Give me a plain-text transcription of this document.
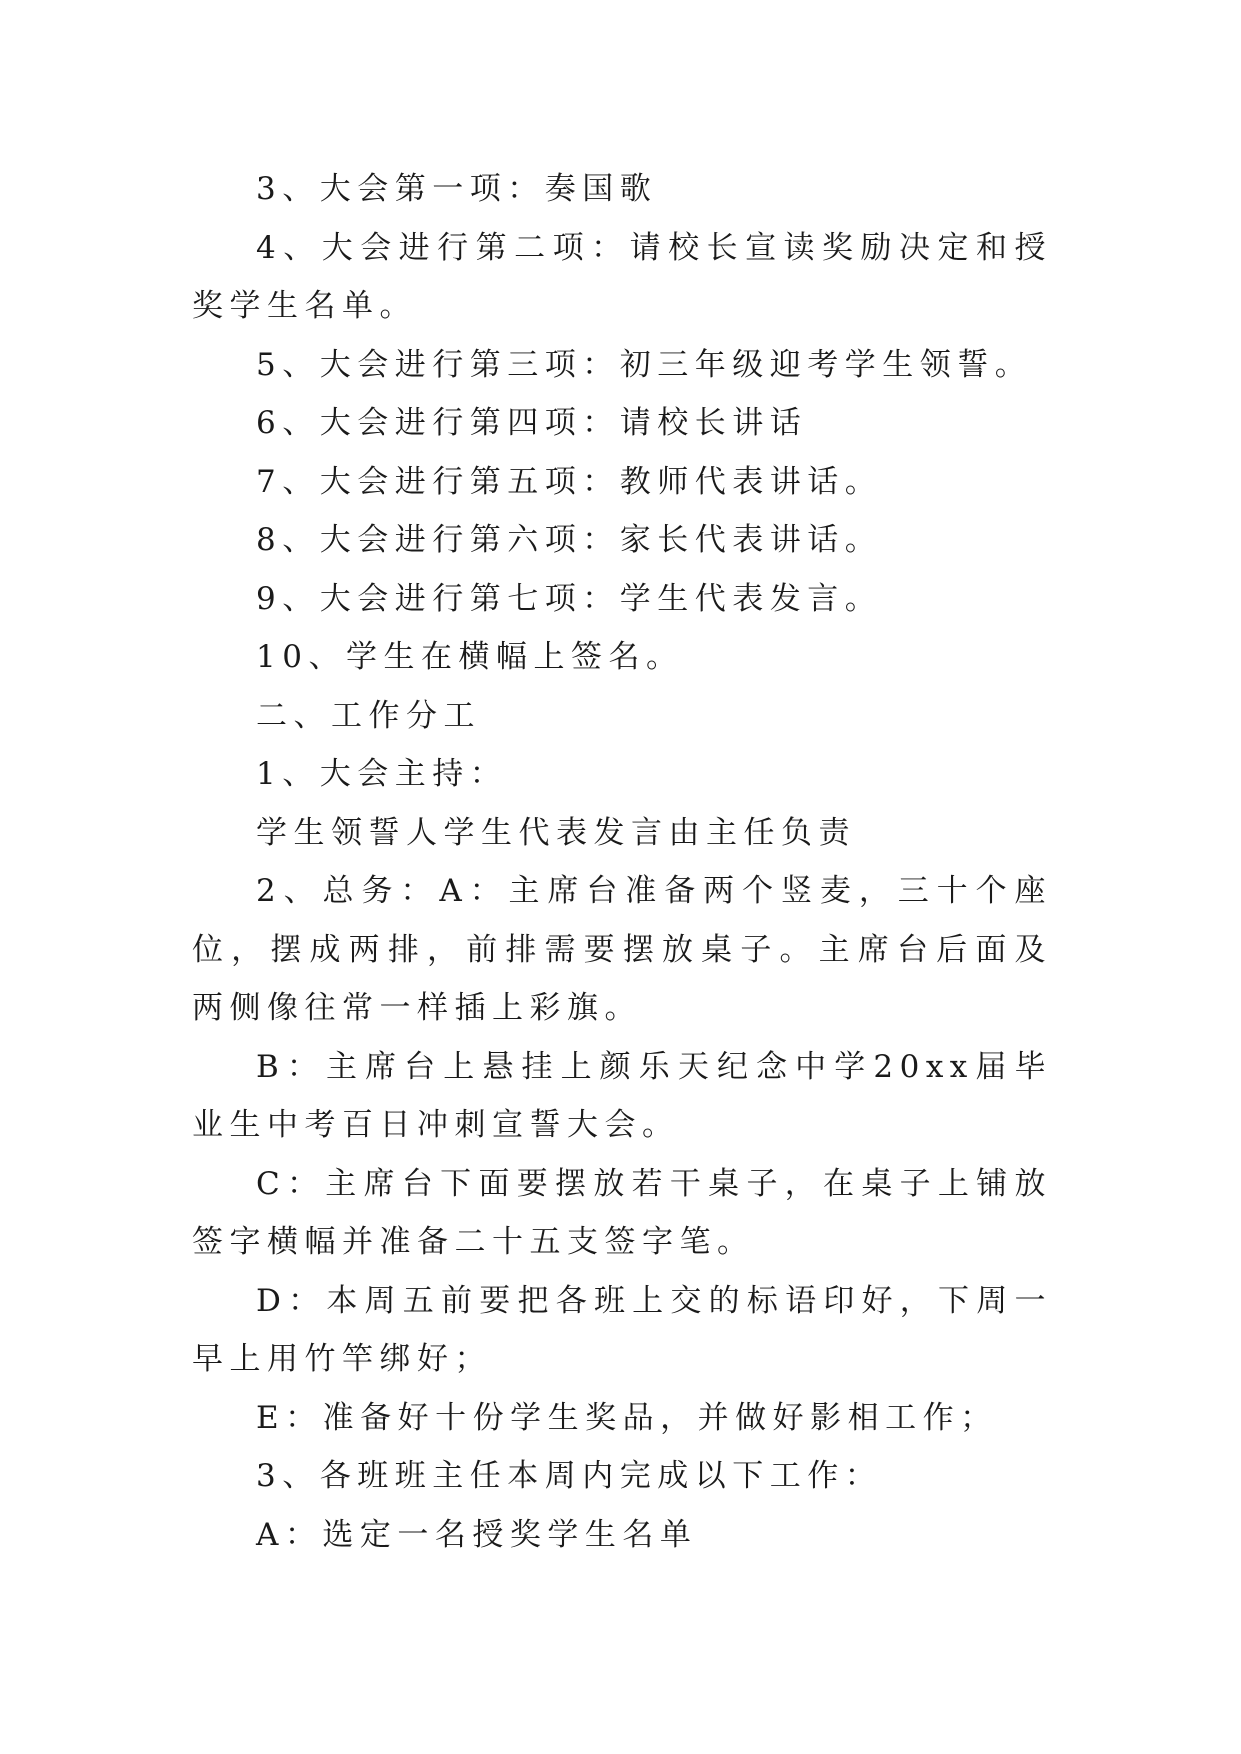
3、大会第一项：奏国歌

4、大会进行第二项：请校长宣读奖励决定和授奖学生名单。

5、大会进行第三项：初三年级迎考学生领誓。

6、大会进行第四项：请校长讲话

7、大会进行第五项：教师代表讲话。

8、大会进行第六项：家长代表讲话。

9、大会进行第七项：学生代表发言。

10、学生在横幅上签名。

二、工作分工

1、大会主持：

学生领誓人学生代表发言由主任负责

2、总务：A：主席台准备两个竖麦，三十个座位，摆成两排，前排需要摆放桌子。主席台后面及两侧像往常一样插上彩旗。

B：主席台上悬挂上颜乐天纪念中学20xx届毕业生中考百日冲刺宣誓大会。

C：主席台下面要摆放若干桌子，在桌子上铺放签字横幅并准备二十五支签字笔。

D：本周五前要把各班上交的标语印好，下周一早上用竹竿绑好；

E：准备好十份学生奖品，并做好影相工作；

3、各班班主任本周内完成以下工作：

A：选定一名授奖学生名单
